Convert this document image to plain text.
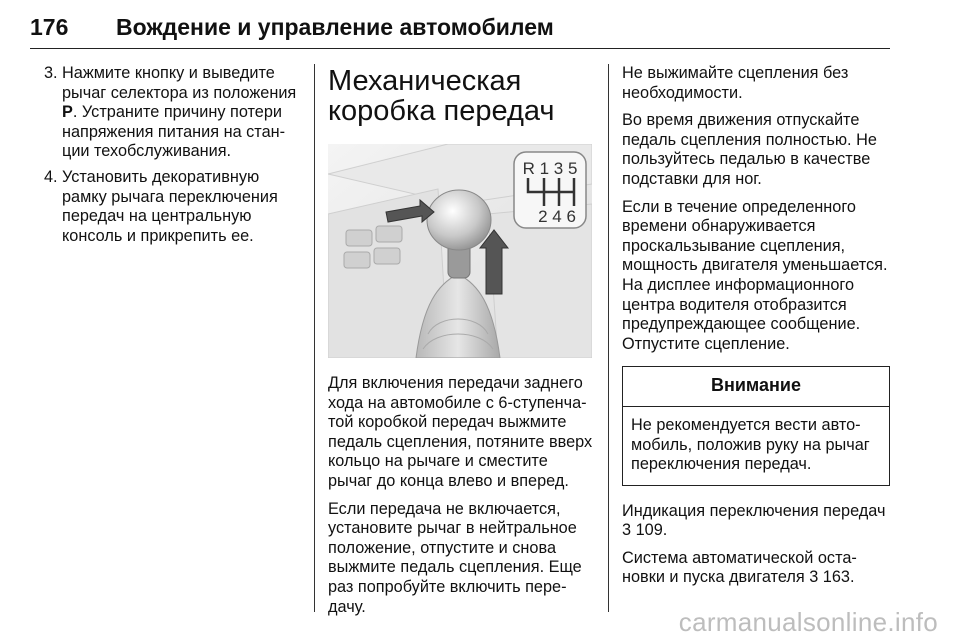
176 Вождение и управление автомобилем
3. Нажмите кнопку и выведите рычаг селектора из положения P. Устраните причину потери напряжения питания на стан- ции техобслуживания.
4. Установить декоративную рамку рычага переключения передач на центральную консоль и прикрепить ее.
Механическая
коробка передач
R 1 3 5
2 4 6

Для включения передачи заднего хода на автомобиле с 6-ступенча- той коробкой передач выжмите педаль сцепления, потяните вверх кольцо на рычаге и сместите рычаг до конца влево и вперед.

Если передача не включается, установите рычаг в нейтральное положение, отпустите и снова выжмите педаль сцепления. Еще раз попробуйте включить пере- дачу.

Не выжимайте сцепления без необходимости.

Во время движения отпускайте педаль сцепления полностью. Не пользуйтесь педалью в качестве подставки для ног.

Если в течение определенного времени обнаруживается проскальзывание сцепления, мощность двигателя уменьшается. На дисплее информационного центра водителя отобразится предупреждающее сообщение. Отпустите сцепление.

Внимание
Не рекомендуется вести авто- мобиль, положив руку на рычаг переключения передач.

Индикация переключения передач 3 109.

Система автоматической оста- новки и пуска двигателя 3 163.

carmanualsonline.info
